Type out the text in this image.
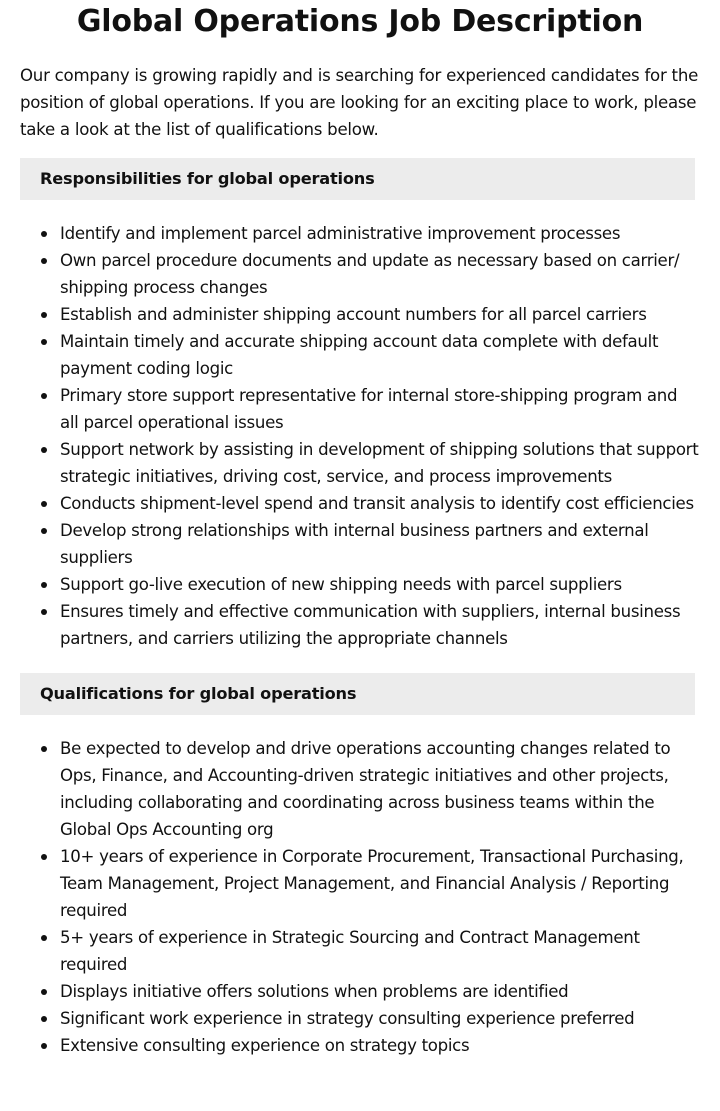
Global Operations Job Description

Our company is growing rapidly and is searching for experienced candidates for the position of global operations. If you are looking for an exciting place to work, please take a look at the list of qualifications below.

Responsibilities for global operations
Identify and implement parcel administrative improvement processes
Own parcel procedure documents and update as necessary based on carrier/ shipping process changes
Establish and administer shipping account numbers for all parcel carriers
Maintain timely and accurate shipping account data complete with default payment coding logic
Primary store support representative for internal store-shipping program and all parcel operational issues
Support network by assisting in development of shipping solutions that support strategic initiatives, driving cost, service, and process improvements
Conducts shipment-level spend and transit analysis to identify cost efficiencies
Develop strong relationships with internal business partners and external suppliers
Support go-live execution of new shipping needs with parcel suppliers
Ensures timely and effective communication with suppliers, internal business partners, and carriers utilizing the appropriate channels
Qualifications for global operations
Be expected to develop and drive operations accounting changes related to Ops, Finance, and Accounting-driven strategic initiatives and other projects, including collaborating and coordinating across business teams within the Global Ops Accounting org
10+ years of experience in Corporate Procurement, Transactional Purchasing, Team Management, Project Management, and Financial Analysis / Reporting required
5+ years of experience in Strategic Sourcing and Contract Management required
Displays initiative offers solutions when problems are identified
Significant work experience in strategy consulting experience preferred
Extensive consulting experience on strategy topics
